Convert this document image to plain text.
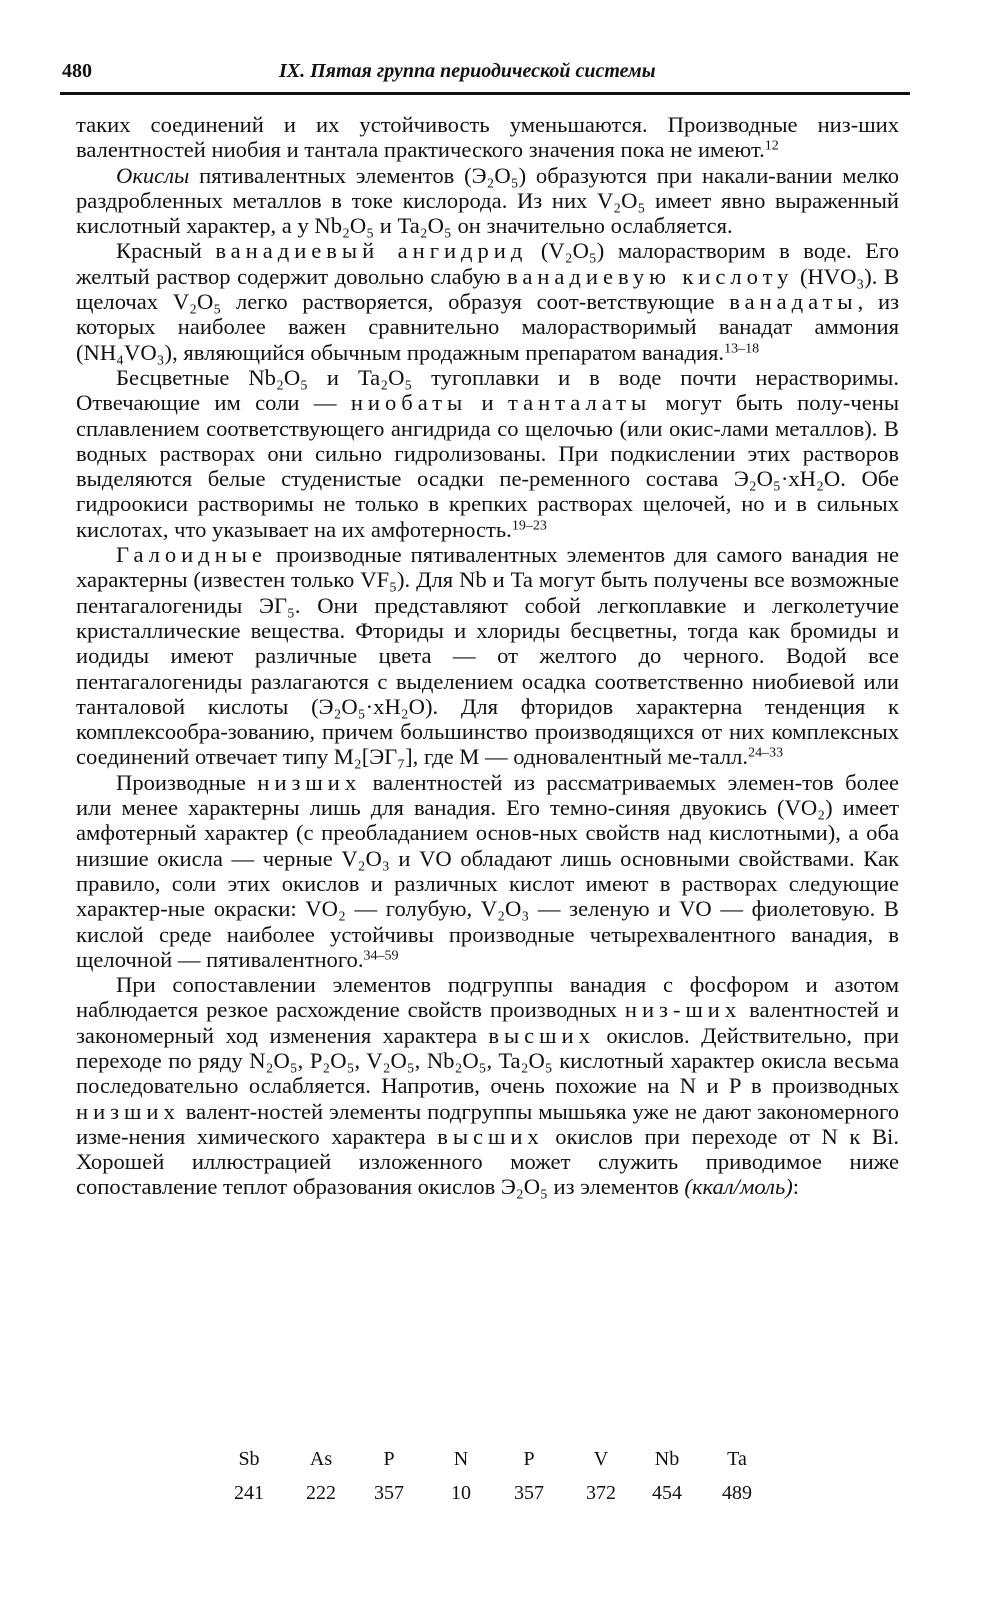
480	IX. Пятая группа периодической системы

таких соединений и их устойчивость уменьшаются. Производные низ-ших валентностей ниобия и тантала практического значения пока не имеют.$^{12}$

Окислы пятивалентных элементов (Э₂O₅) образуются при накали-вании мелко раздробленных металлов в токе кислорода. Из них V₂O₅ имеет явно выраженный кислотный характер, а у Nb₂O₅ и Ta₂O₅ он значительно ослабляется.

Красный ванадиевый ангидрид (V₂O₅) малорастворим в воде. Его желтый раствор содержит довольно слабую ванадиевую кислоту (HVO₃). В щелочах V₂O₅ легко растворяется, образуя соот-ветствующие ванадаты, из которых наиболее важен сравнительно малорастворимый ванадат аммония (NH₄VO₃), являющийся обычным продажным препаратом ванадия.$^{13-18}$

Бесцветные Nb₂O₅ и Ta₂O₅ тугоплавки и в воде почти нерастворимы. Отвечающие им соли — ниобаты и танталаты могут быть полу-чены сплавлением соответствующего ангидрида со щелочью (или окис-лами металлов). В водных растворах они сильно гидролизованы. При подкислении этих растворов выделяются белые студенистые осадки пе-ременного состава Э₂O₅·xH₂O. Обе гидроокиси растворимы не только в крепких растворах щелочей, но и в сильных кислотах, что указывает на их амфотерность.$^{19-23}$

Галоидные производные пятивалентных элементов для самого ванадия не характерны (известен только VF₅). Для Nb и Ta могут быть получены все возможные пентагалогениды ЭГ₅. Они представляют собой легкоплавкие и легколетучие кристаллические вещества. Фториды и хлориды бесцветны, тогда как бромиды и иодиды имеют различные цвета — от желтого до черного. Водой все пентагалогениды разлагаются с выделением осадка соответственно ниобиевой или танталовой кислоты (Э₂O₅·xH₂O). Для фторидов характерна тенденция к комплексообра-зованию, причем большинство производящихся от них комплексных соединений отвечает типу M₂[ЭГ₇], где M — одновалентный ме-талл.$^{24-33}$

Производные низших валентностей из рассматриваемых элемен-тов более или менее характерны лишь для ванадия. Его темно-синяя двуокись (VO₂) имеет амфотерный характер (с преобладанием основ-ных свойств над кислотными), а оба низшие окисла — черные V₂O₃ и VO обладают лишь основными свойствами. Как правило, соли этих окислов и различных кислот имеют в растворах следующие характер-ные окраски: VO₂ — голубую, V₂O₃ — зеленую и VO — фиолетовую. В кислой среде наиболее устойчивы производные четырехвалентного ванадия, в щелочной — пятивалентного.$^{34-59}$

При сопоставлении элементов подгруппы ванадия с фосфором и азотом наблюдается резкое расхождение свойств производных низ-ших валентностей и закономерный ход изменения характера высших окислов. Действительно, при переходе по ряду N₂O₅, P₂O₅, V₂O₅, Nb₂O₅, Ta₂O₅ кислотный характер окисла весьма последовательно ослабляется. Напротив, очень похожие на N и P в производных низших валент-ностей элементы подгруппы мышьяка уже не дают закономерного изме-нения химического характера высших окислов при переходе от N к Bi. Хорошей иллюстрацией изложенного может служить приводимое ниже сопоставление теплот образования окислов Э₂O₅ из элементов (ккал/моль):

Sb	As	P	N	P	V	Nb	Ta
241	222	357	10	357	372	454	489
